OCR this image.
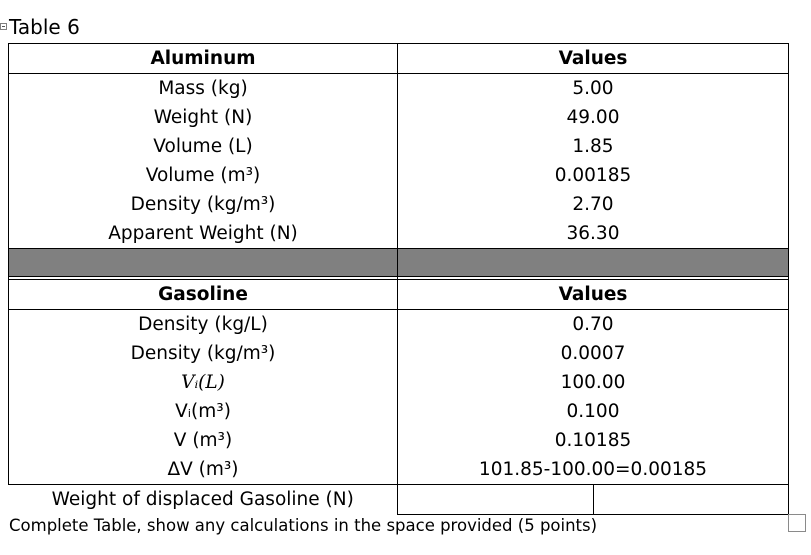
Table 6
Aluminum	Values	
Mass (kg)	5.00	
Weight (N)	49.00	
Volume (L)	1.85	
Volume (m³)	0.00185	
Density (kg/m³)	2.70	
Apparent Weight (N)	36.30	

Gasoline	Values	
Density (kg/L)	0.70	
Density (kg/m³)	0.0007	
Vᵢ(L)	100.00	
Vᵢ(m³)	0.100	
V (m³)	0.10185	
ΔV (m³)	101.85-100.00=0.00185	
Weight of displaced Gasoline (N)		
Complete Table, show any calculations in the space provided (5 points)
